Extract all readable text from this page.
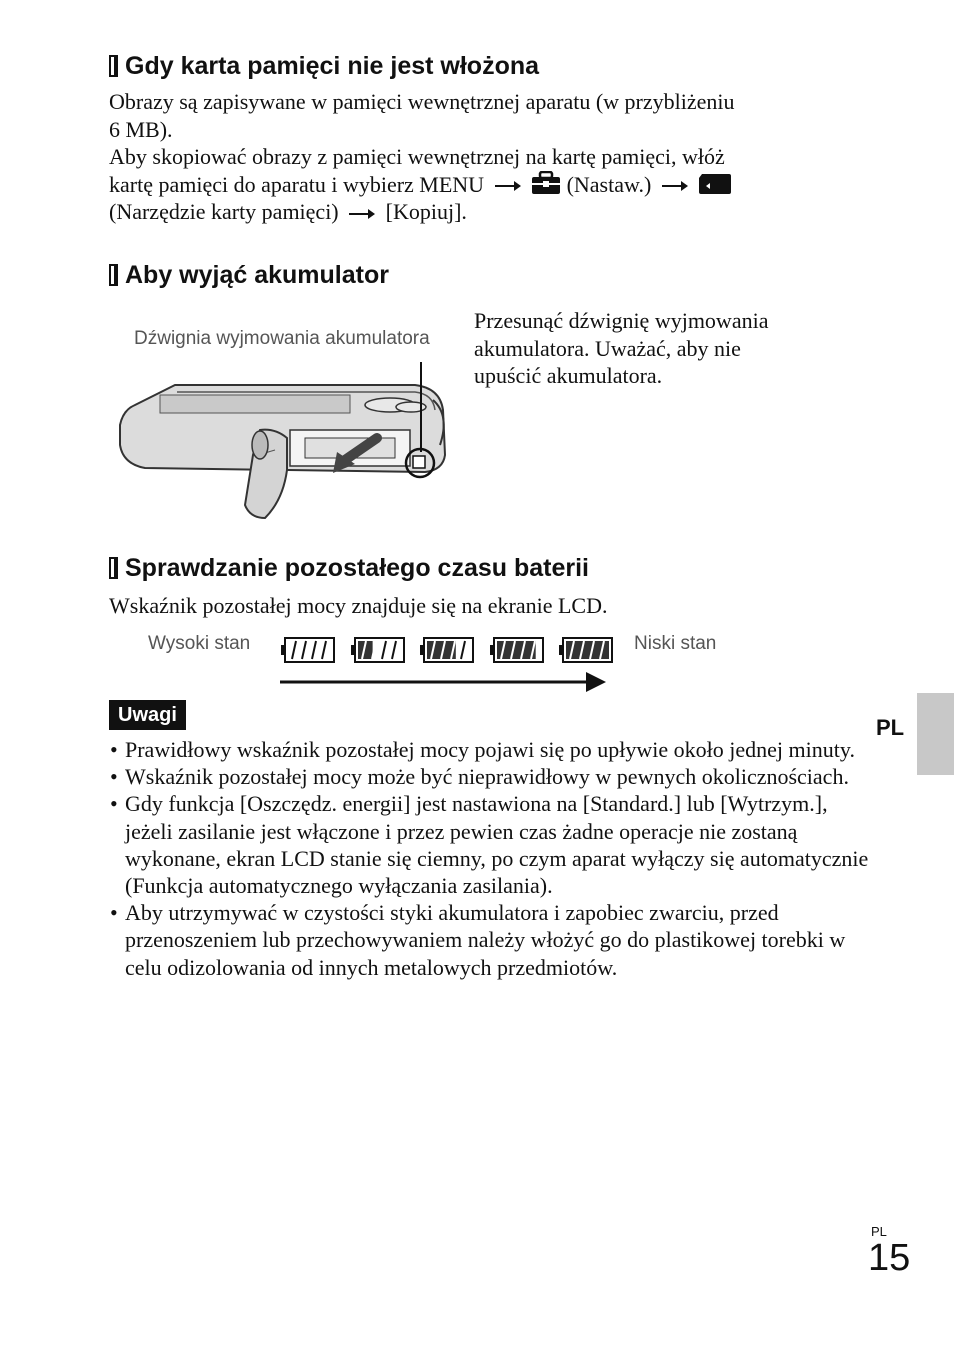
Gdy karta pamięci nie jest włożona
Obrazy są zapisywane w pamięci wewnętrznej aparatu (w przybliżeniu
6 MB).
Aby skopiować obrazy z pamięci wewnętrznej na kartę pamięci, włóż
kartę pamięci do aparatu i wybierz MENU	(Nastaw.)
(Narzędzie karty pamięci) [Kopiuj].
Aby wyjąć akumulator
Dźwignia wyjmowania akumulatora
Przesunąć dźwignię wyjmowania
akumulatora. Uważać, aby nie
upuścić akumulatora.
Sprawdzanie pozostałego czasu baterii
Wskaźnik pozostałej mocy znajduje się na ekranie LCD.
Wysoki stan	Niski stan
Uwagi
• Prawidłowy wskaźnik pozostałej mocy pojawi się po upływie około jednej minuty.
• Wskaźnik pozostałej mocy może być nieprawidłowy w pewnych okolicznościach.
• Gdy funkcja [Oszczędz. energii] jest nastawiona na [Standard.] lub [Wytrzym.], jeżeli zasilanie jest włączone i przez pewien czas żadne operacje nie zostaną wykonane, ekran LCD stanie się ciemny, po czym aparat wyłączy się automatycznie (Funkcja automatycznego wyłączania zasilania).
• Aby utrzymywać w czystości styki akumulatora i zapobiec zwarciu, przed przenoszeniem lub przechowywaniem należy włożyć go do plastikowej torebki w celu odizolowania od innych metalowych przedmiotów.
PL
PL
15
